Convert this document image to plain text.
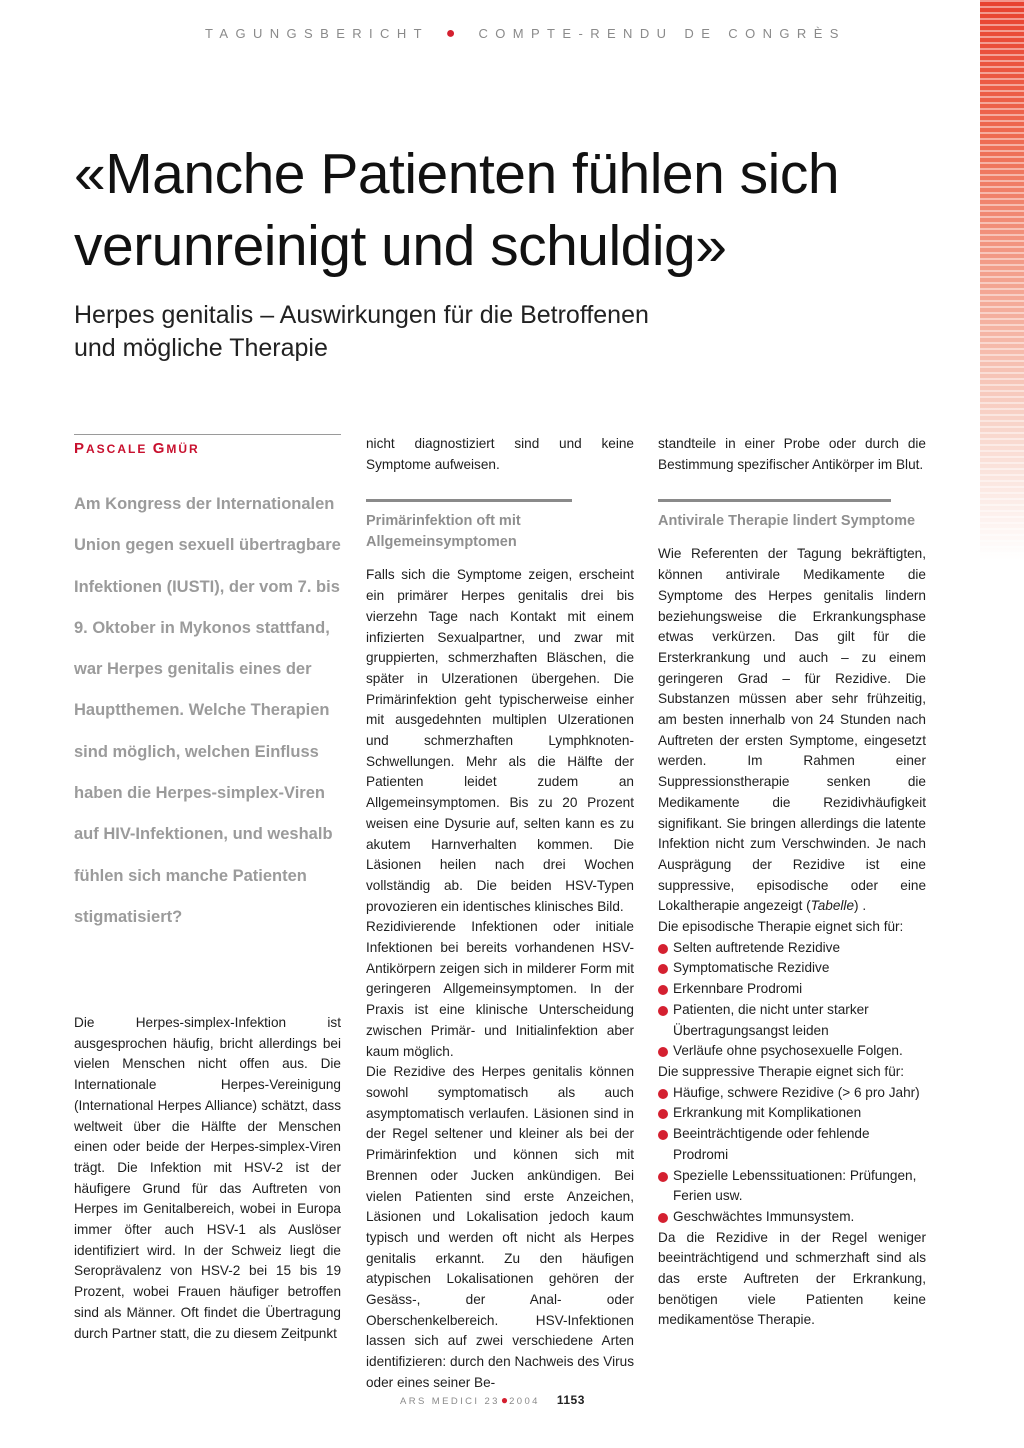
TAGUNGSBERICHT ● COMPTE-RENDU DE CONGRÈS
«Manche Patienten fühlen sich
verunreinigt und schuldig»
Herpes genitalis – Auswirkungen für die Betroffenen
und mögliche Therapie
PASCALE GMÜR
Am Kongress der Internationalen Union gegen sexuell übertragbare Infektionen (IUSTI), der vom 7. bis 9. Oktober in Mykonos stattfand, war Herpes genitalis eines der Hauptthemen. Welche Therapien sind möglich, welchen Einfluss haben die Herpes-simplex-Viren auf HIV-Infektionen, und weshalb fühlen sich manche Patienten stigmatisiert?

Die Herpes-simplex-Infektion ist ausgesprochen häufig, bricht allerdings bei vielen Menschen nicht offen aus. Die Internationale Herpes-Vereinigung (International Herpes Alliance) schätzt, dass weltweit über die Hälfte der Menschen einen oder beide der Herpes-simplex-Viren trägt. Die Infektion mit HSV-2 ist der häufigere Grund für das Auftreten von Herpes im Genitalbereich, wobei in Europa immer öfter auch HSV-1 als Auslöser identifiziert wird. In der Schweiz liegt die Seroprävalenz von HSV-2 bei 15 bis 19 Prozent, wobei Frauen häufiger betroffen sind als Männer. Oft findet die Übertragung durch Partner statt, die zu diesem Zeitpunkt

nicht diagnostiziert sind und keine Symptome aufweisen.

Primärinfektion oft mit Allgemeinsymptomen

Falls sich die Symptome zeigen, erscheint ein primärer Herpes genitalis drei bis vierzehn Tage nach Kontakt mit einem infizierten Sexualpartner, und zwar mit gruppierten, schmerzhaften Bläschen, die später in Ulzerationen übergehen. Die Primärinfektion geht typischerweise einher mit ausgedehnten multiplen Ulzerationen und schmerzhaften Lymphknoten-Schwellungen. Mehr als die Hälfte der Patienten leidet zudem an Allgemeinsymptomen. Bis zu 20 Prozent weisen eine Dysurie auf, selten kann es zu akutem Harnverhalten kommen. Die Läsionen heilen nach drei Wochen vollständig ab. Die beiden HSV-Typen provozieren ein identisches klinisches Bild.

Rezidivierende Infektionen oder initiale Infektionen bei bereits vorhandenen HSV-Antikörpern zeigen sich in milderer Form mit geringeren Allgemeinsymptomen. In der Praxis ist eine klinische Unterscheidung zwischen Primär- und Initialinfektion aber kaum möglich.

Die Rezidive des Herpes genitalis können sowohl symptomatisch als auch asymptomatisch verlaufen. Läsionen sind in der Regel seltener und kleiner als bei der Primärinfektion und können sich mit Brennen oder Jucken ankündigen. Bei vielen Patienten sind erste Anzeichen, Läsionen und Lokalisation jedoch kaum typisch und werden oft nicht als Herpes genitalis erkannt. Zu den häufigen atypischen Lokalisationen gehören der Gesäss-, der Anal- oder Oberschenkelbereich. HSV-Infektionen lassen sich auf zwei verschiedene Arten identifizieren: durch den Nachweis des Virus oder eines seiner Be-

standteile in einer Probe oder durch die Bestimmung spezifischer Antikörper im Blut.

Antivirale Therapie lindert Symptome

Wie Referenten der Tagung bekräftigten, können antivirale Medikamente die Symptome des Herpes genitalis lindern beziehungsweise die Erkrankungsphase etwas verkürzen. Das gilt für die Ersterkrankung und auch – zu einem geringeren Grad – für Rezidive. Die Substanzen müssen aber sehr frühzeitig, am besten innerhalb von 24 Stunden nach Auftreten der ersten Symptome, eingesetzt werden. Im Rahmen einer Suppressionstherapie senken die Medikamente die Rezidivhäufigkeit signifikant. Sie bringen allerdings die latente Infektion nicht zum Verschwinden. Je nach Ausprägung der Rezidive ist eine suppressive, episodische oder eine Lokaltherapie angezeigt (Tabelle) .

Die episodische Therapie eignet sich für:

Selten auftretende Rezidive
Symptomatische Rezidive
Erkennbare Prodromi
Patienten, die nicht unter starker Übertragungsangst leiden
Verläufe ohne psychosexuelle Folgen.

Die suppressive Therapie eignet sich für:

Häufige, schwere Rezidive (> 6 pro Jahr)
Erkrankung mit Komplikationen
Beeinträchtigende oder fehlende Prodromi
Spezielle Lebenssituationen: Prüfungen, Ferien usw.
Geschwächtes Immunsystem.

Da die Rezidive in der Regel weniger beeinträchtigend und schmerzhaft sind als das erste Auftreten der Erkrankung, benötigen viele Patienten keine medikamentöse Therapie.

ARS MEDICI 23●2004 1153
